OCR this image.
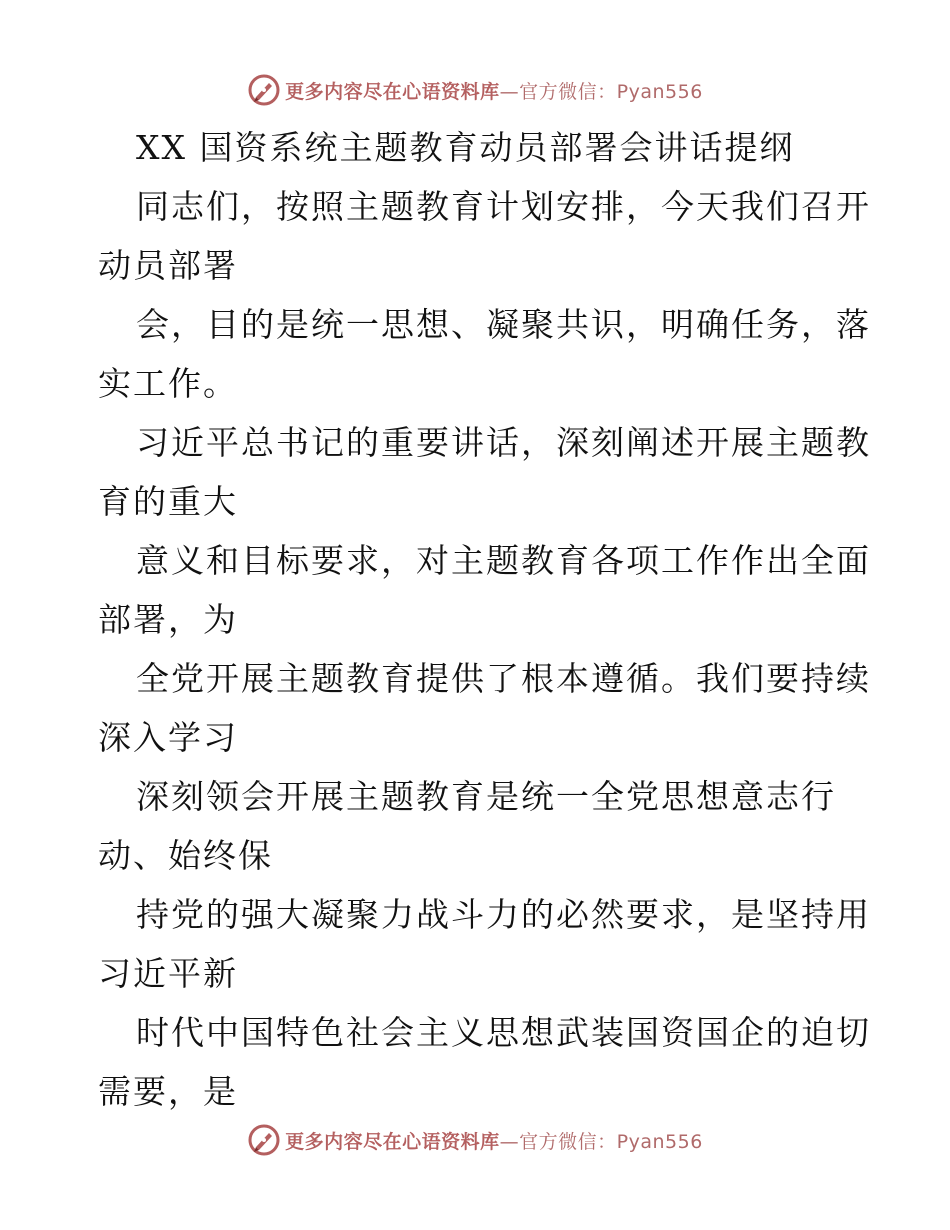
更多内容尽在心语资料库—官方微信：Pyan556
XX 国资系统主题教育动员部署会讲话提纲
同志们，按照主题教育计划安排，今天我们召开
动员部署
会，目的是统一思想、凝聚共识，明确任务，落
实工作。
习近平总书记的重要讲话，深刻阐述开展主题教
育的重大
意义和目标要求，对主题教育各项工作作出全面
部署，为
全党开展主题教育提供了根本遵循。我们要持续
深入学习
深刻领会开展主题教育是统一全党思想意志行
动、始终保
持党的强大凝聚力战斗力的必然要求，是坚持用
习近平新
时代中国特色社会主义思想武装国资国企的迫切
需要，是
更多内容尽在心语资料库—官方微信：Pyan556
